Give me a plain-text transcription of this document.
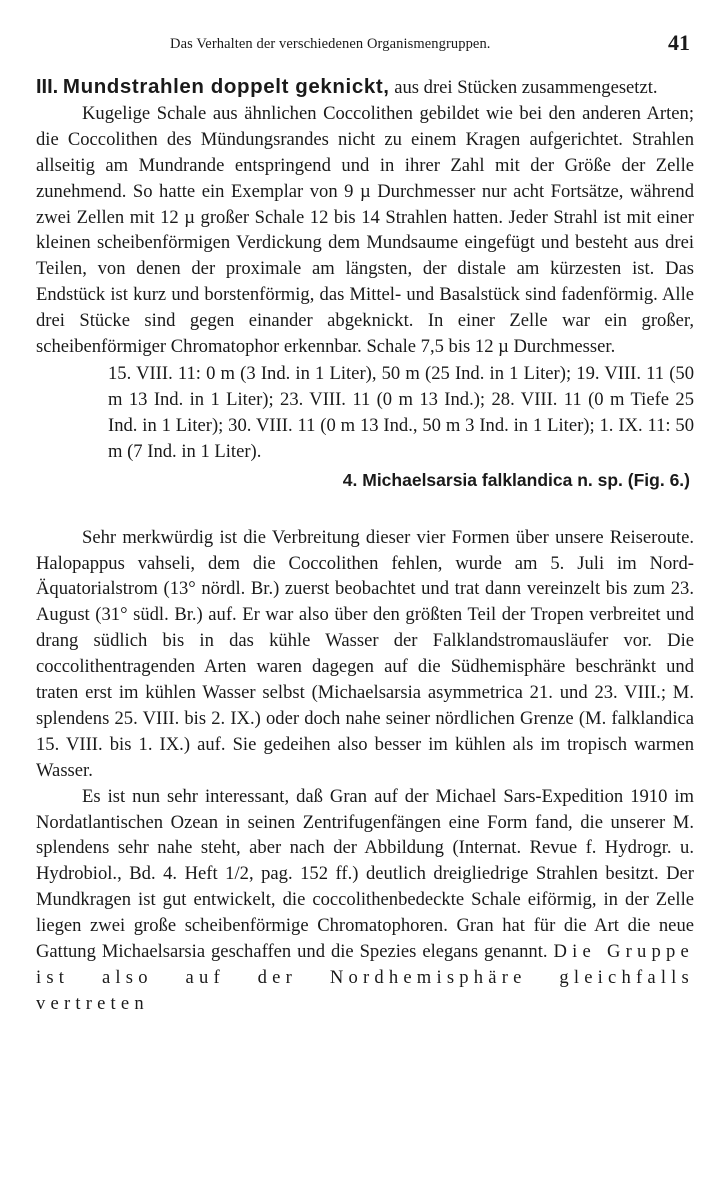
Das Verhalten der verschiedenen Organismengruppen.	41

III. Mundstrahlen doppelt geknickt, aus drei Stücken zusammengesetzt.

Kugelige Schale aus ähnlichen Coccolithen gebildet wie bei den anderen Arten; die Coccolithen des Mündungsrandes nicht zu einem Kragen aufgerichtet. Strahlen allseitig am Mundrande entspringend und in ihrer Zahl mit der Größe der Zelle zunehmend. So hatte ein Exemplar von 9 µ Durchmesser nur acht Fortsätze, während zwei Zellen mit 12 µ großer Schale 12 bis 14 Strahlen hatten. Jeder Strahl ist mit einer kleinen scheibenförmigen Verdickung dem Mundsaume eingefügt und besteht aus drei Teilen, von denen der proximale am längsten, der distale am kürzesten ist. Das Endstück ist kurz und borstenförmig, das Mittel- und Basalstück sind fadenförmig. Alle drei Stücke sind gegen einander abgeknickt. In einer Zelle war ein großer, scheibenförmiger Chromatophor erkennbar. Schale 7,5 bis 12 µ Durchmesser.

15. VIII. 11: 0 m (3 Ind. in 1 Liter), 50 m (25 Ind. in 1 Liter); 19. VIII. 11 (50 m 13 Ind. in 1 Liter); 23. VIII. 11 (0 m 13 Ind.); 28. VIII. 11 (0 m Tiefe 25 Ind. in 1 Liter); 30. VIII. 11 (0 m 13 Ind., 50 m 3 Ind. in 1 Liter); 1. IX. 11: 50 m (7 Ind. in 1 Liter).

4. Michaelsarsia falklandica n. sp. (Fig. 6.)

Sehr merkwürdig ist die Verbreitung dieser vier Formen über unsere Reiseroute. Halopappus vahseli, dem die Coccolithen fehlen, wurde am 5. Juli im Nord-Äquatorialstrom (13° nördl. Br.) zuerst beobachtet und trat dann vereinzelt bis zum 23. August (31° südl. Br.) auf. Er war also über den größten Teil der Tropen verbreitet und drang südlich bis in das kühle Wasser der Falklandstromausläufer vor. Die coccolithentragenden Arten waren dagegen auf die Südhemisphäre beschränkt und traten erst im kühlen Wasser selbst (Michaelsarsia asymmetrica 21. und 23. VIII.; M. splendens 25. VIII. bis 2. IX.) oder doch nahe seiner nördlichen Grenze (M. falklandica 15. VIII. bis 1. IX.) auf. Sie gedeihen also besser im kühlen als im tropisch warmen Wasser.

Es ist nun sehr interessant, daß Gran auf der Michael Sars-Expedition 1910 im Nordatlantischen Ozean in seinen Zentrifugenfängen eine Form fand, die unserer M. splendens sehr nahe steht, aber nach der Abbildung (Internat. Revue f. Hydrogr. u. Hydrobiol., Bd. 4. Heft 1/2, pag. 152 ff.) deutlich dreigliedrige Strahlen besitzt. Der Mundkragen ist gut entwickelt, die coccolithenbedeckte Schale eiförmig, in der Zelle liegen zwei große scheibenförmige Chromatophoren. Gran hat für die Art die neue Gattung Michaelsarsia geschaffen und die Spezies elegans genannt. Die Gruppe ist also auf der Nordhemisphäre gleichfalls vertreten
